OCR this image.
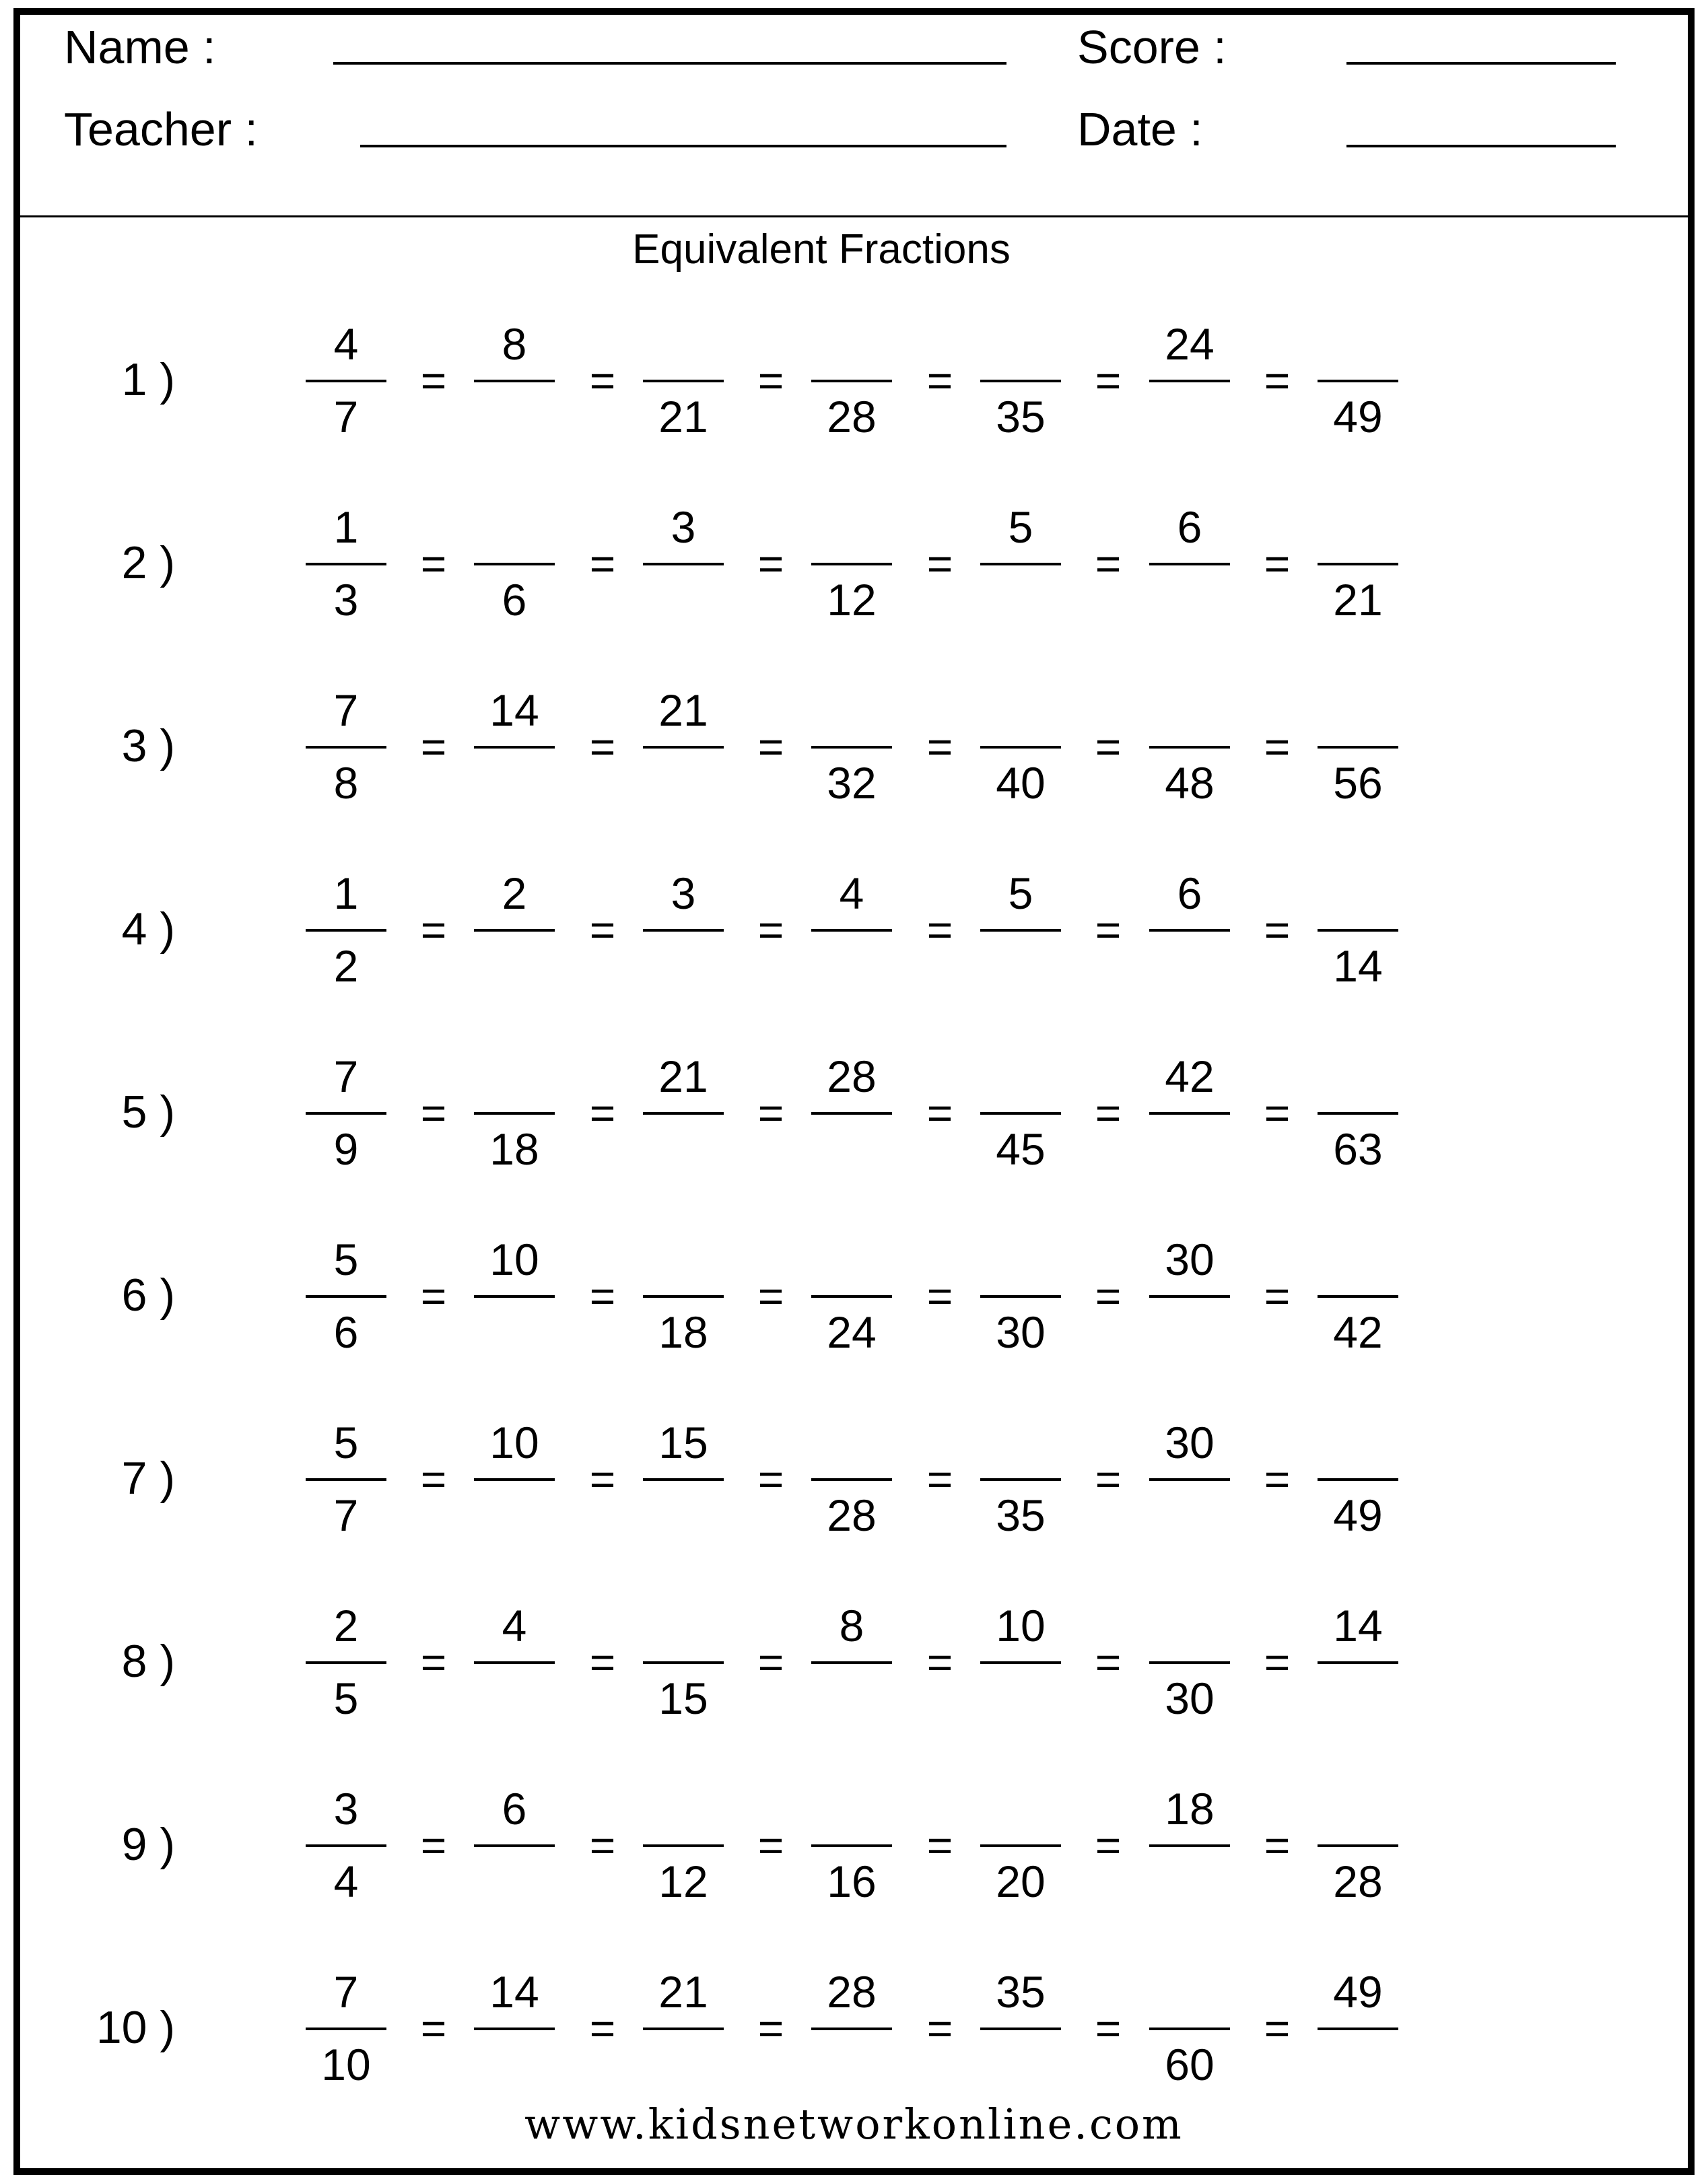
Name :
Teacher :
Score :
Date :
Equivalent Fractions
1 )
4
7
=
8
=
21
=
28
=
35
=
24
=
49
2 )
1
3
=
6
=
3
=
12
=
5
=
6
=
21
3 )
7
8
=
14
=
21
=
32
=
40
=
48
=
56
4 )
1
2
=
2
=
3
=
4
=
5
=
6
=
14
5 )
7
9
=
18
=
21
=
28
=
45
=
42
=
63
6 )
5
6
=
10
=
18
=
24
=
30
=
30
=
42
7 )
5
7
=
10
=
15
=
28
=
35
=
30
=
49
8 )
2
5
=
4
=
15
=
8
=
10
=
30
=
14
9 )
3
4
=
6
=
12
=
16
=
20
=
18
=
28
10 )
7
10
=
14
=
21
=
28
=
35
=
60
=
49
www.kidsnetworkonline.com
